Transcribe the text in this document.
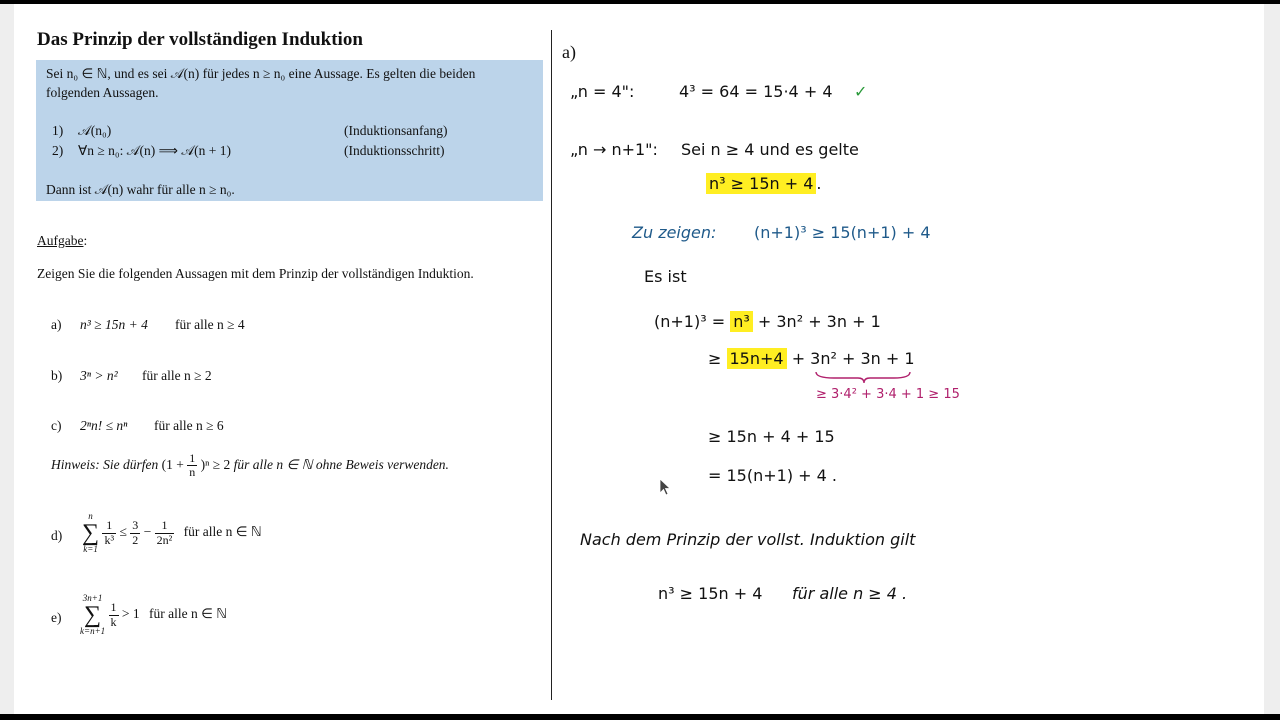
Das Prinzip der vollständigen Induktion
Sei n₀ ∈ ℕ, und es sei 𝒜(n) für jedes n ≥ n₀ eine Aussage. Es gelten die beiden
folgenden Aussagen.
1) 𝒜(n₀)	(Induktionsanfang)
2) ∀n ≥ n₀: 𝒜(n) ⟹ 𝒜(n + 1)	(Induktionsschritt)
Dann ist 𝒜(n) wahr für alle n ≥ n₀.
Aufgabe:
Zeigen Sie die folgenden Aussagen mit dem Prinzip der vollständigen Induktion.
a) n³ ≥ 15n + 4 für alle n ≥ 4
b) 3ⁿ > n² für alle n ≥ 2
c) 2ⁿn! ≤ nⁿ für alle n ≥ 6
Hinweis: Sie dürfen $(1 + \frac{1}{n} )^n \ge 2$ für alle n ∈ ℕ ohne Beweis verwenden.
d)
n
∑
k=1

$\frac{1}{\text{k³}} \le \frac{3}{2} - \frac{1}{\text{2n²}}$ für alle n ∈ ℕ
e)
3n+1
∑
k=n+1

$\frac{1}{k} > 1$ für alle n ∈ ℕ
a)
„n = 4":	4³ = 64 = 15·4 + 4 ✓
„n → n+1": Sei n ≥ 4 und es gelte
n³ ≥ 15n + 4 .
Zu zeigen: (n+1)³ ≥ 15(n+1) + 4
Es ist
(n+1)³ = n³ + 3n² + 3n + 1
≥ 15n+4 + 3n² + 3n + 1
≥ 3·4² + 3·4 + 1 ≥ 15
≥ 15n + 4 + 15
= 15(n+1) + 4 .
Nach dem Prinzip der vollst. Induktion gilt
n³ ≥ 15n + 4 für alle n ≥ 4 .
